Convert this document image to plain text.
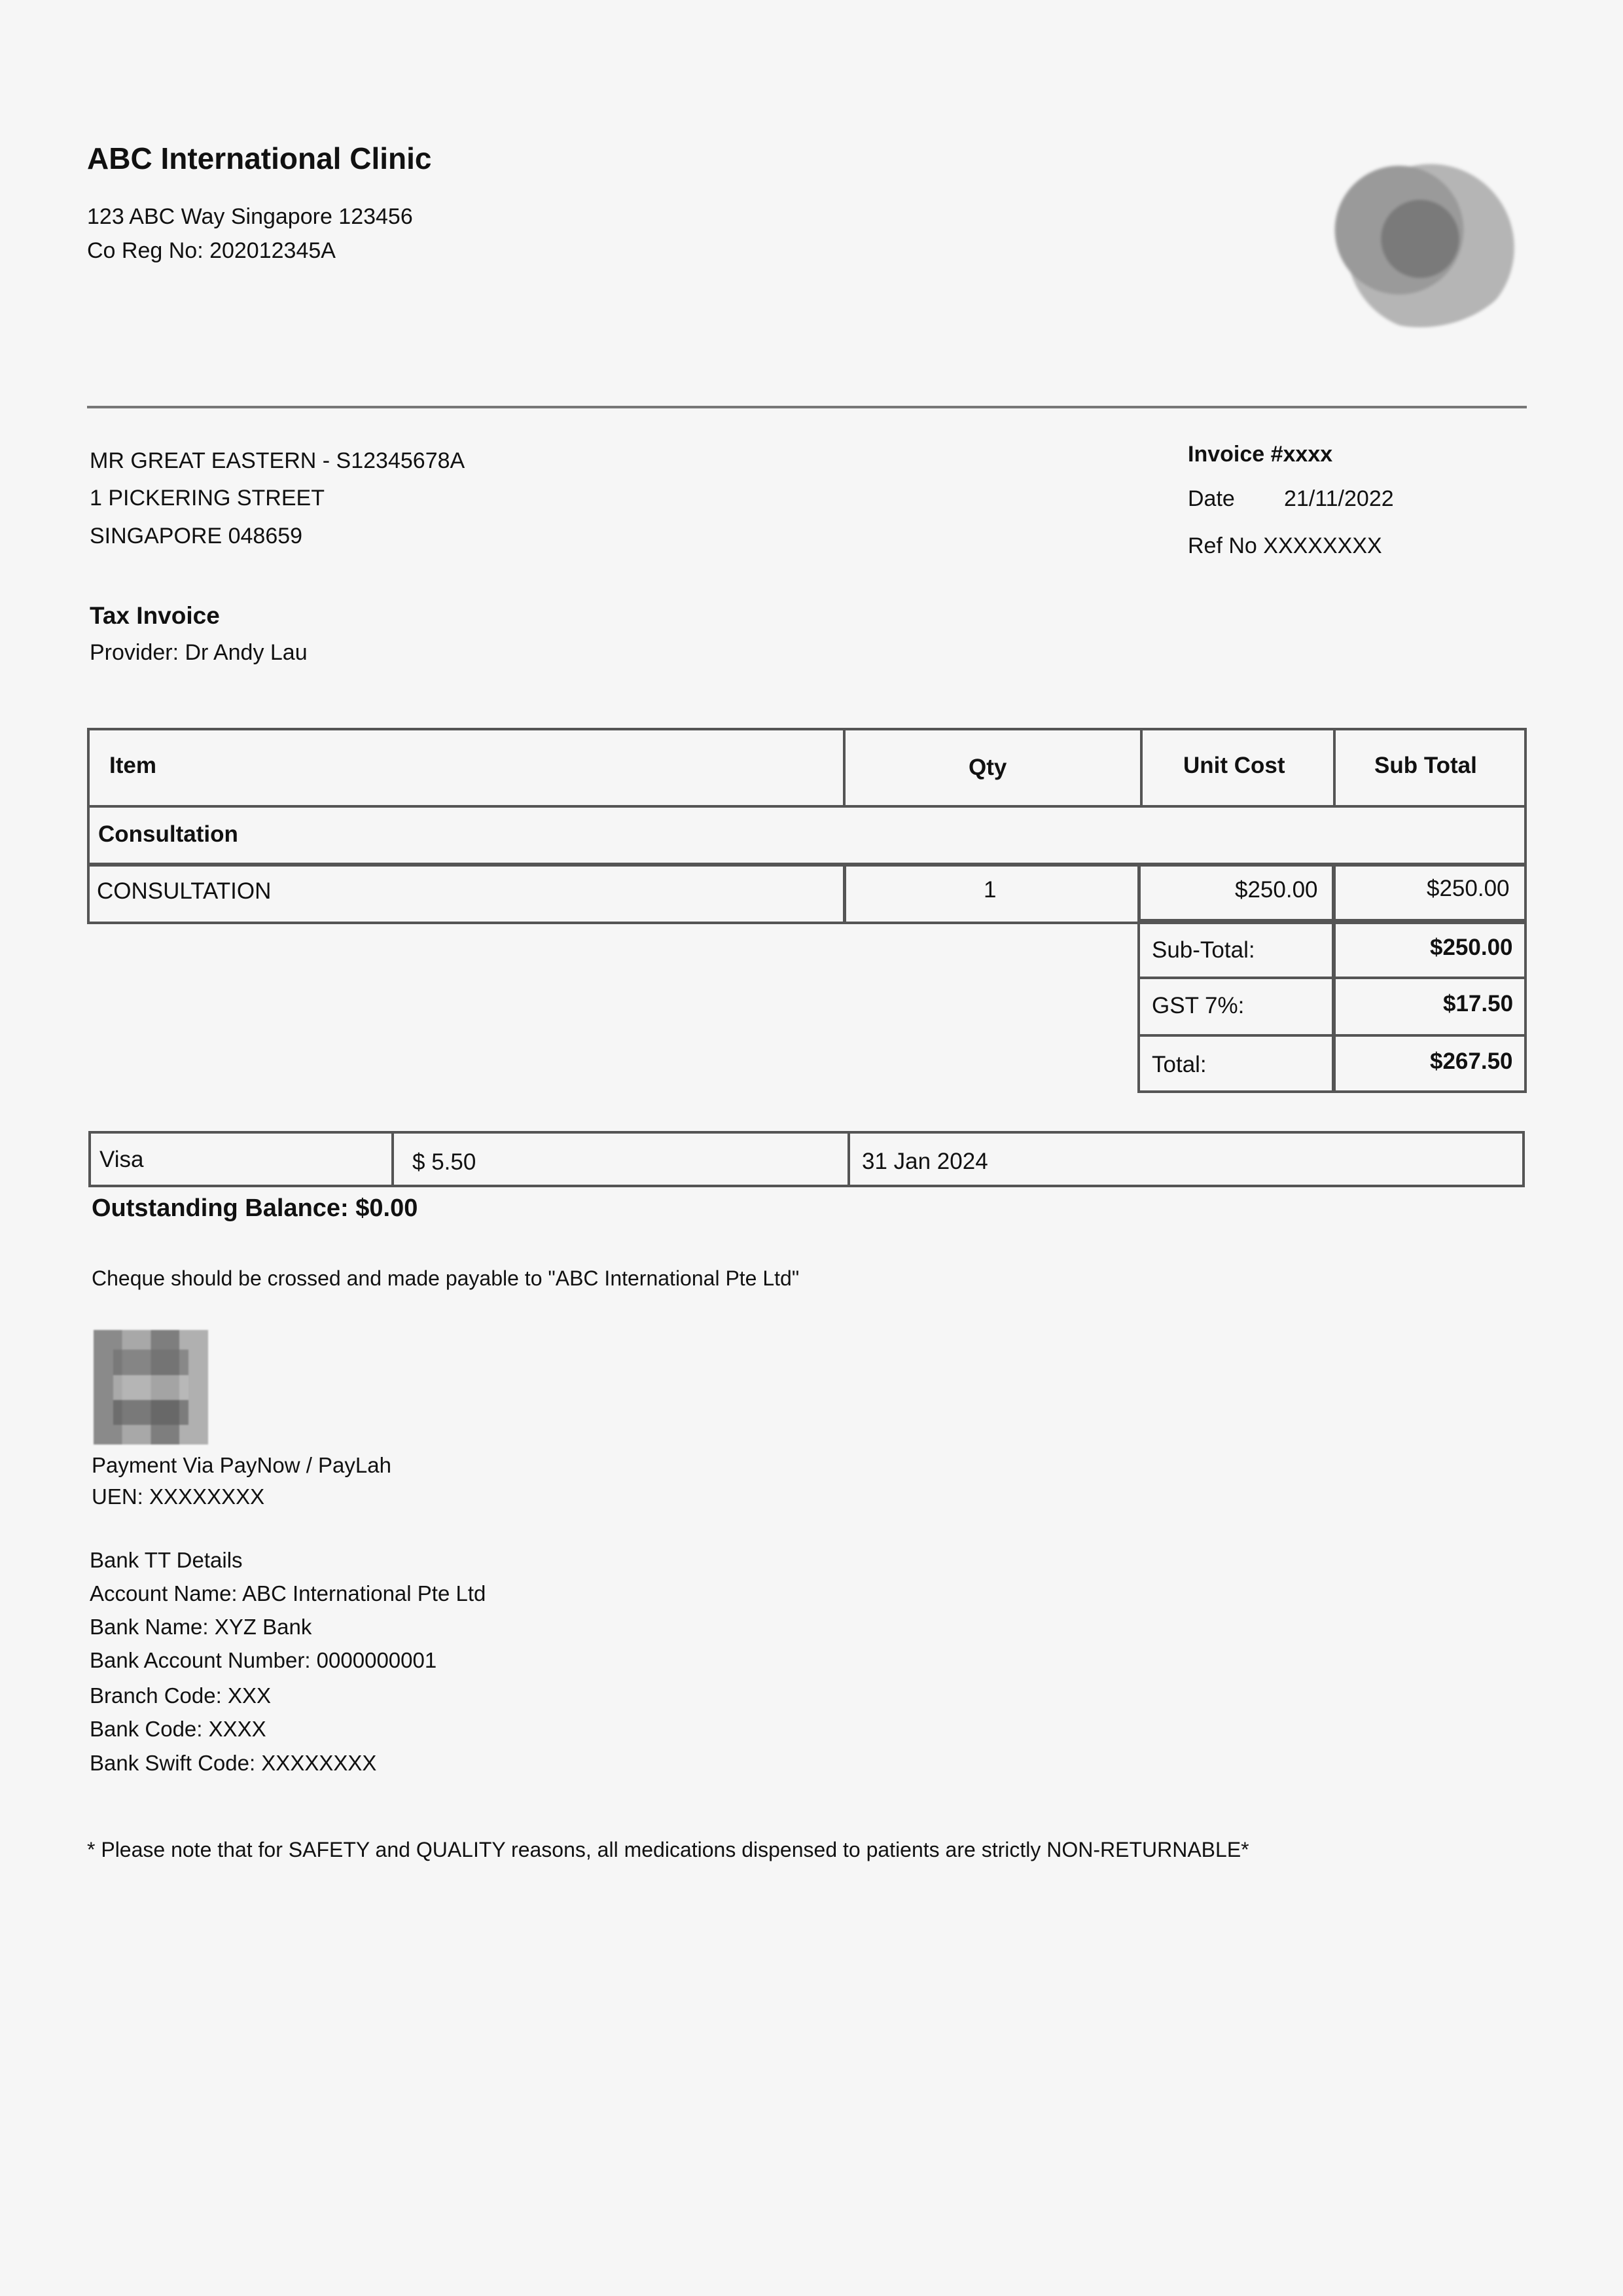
ABC International Clinic
123 ABC Way Singapore 123456
Co Reg No: 202012345A
MR GREAT EASTERN - S12345678A
1 PICKERING STREET
SINGAPORE 048659
Invoice #xxxx
Date 21/11/2022
Ref No XXXXXXXX
Tax Invoice
Provider: Dr Andy Lau
Item	Qty	Unit Cost	Sub Total
Consultation
CONSULTATION	1	$250.00	$250.00
Sub-Total:	$250.00
GST 7%:	$17.50
Total:	$267.50
Visa	$ 5.50	31 Jan 2024
Outstanding Balance: $0.00
Cheque should be crossed and made payable to "ABC International Pte Ltd"
Payment Via PayNow / PayLah
UEN: XXXXXXXX
Bank TT Details
Account Name: ABC International Pte Ltd
Bank Name: XYZ Bank
Bank Account Number: 0000000001
Branch Code: XXX
Bank Code: XXXX
Bank Swift Code: XXXXXXXX
* Please note that for SAFETY and QUALITY reasons, all medications dispensed to patients are strictly NON-RETURNABLE*
